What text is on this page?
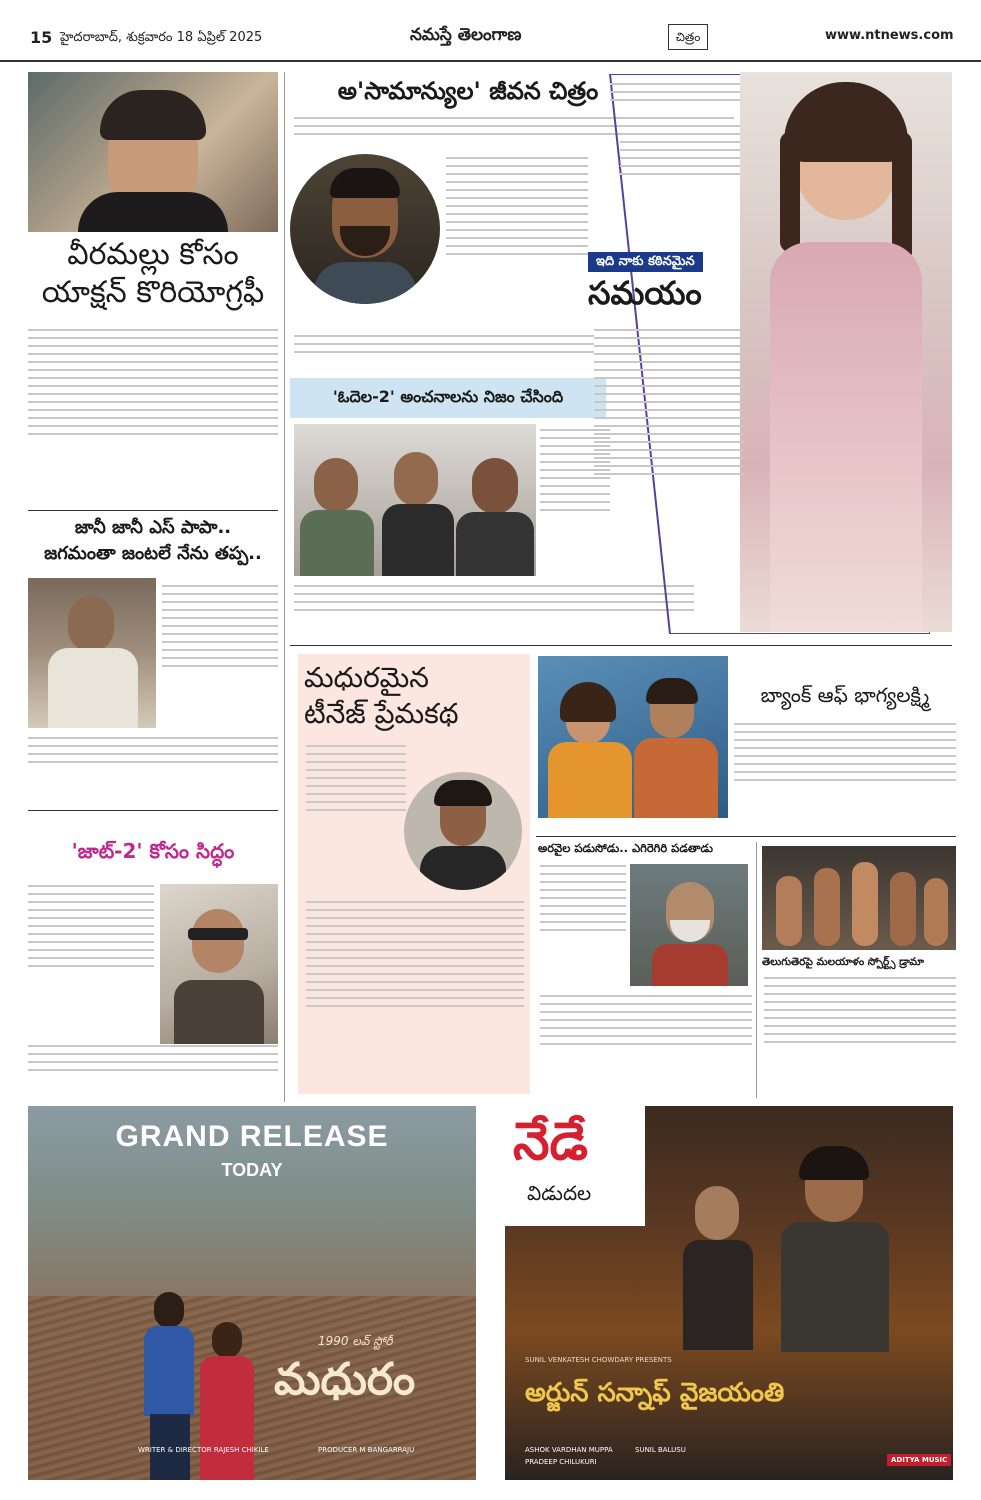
15 హైదరాబాద్, శుక్రవారం 18 ఏప్రిల్ 2025	నమస్తే తెలంగాణ	చిత్రం	www.ntnews.com
వీరమల్లు కోసం
యాక్షన్ కొరియోగ్రఫీ
జానీ జానీ ఎస్ పాపా..
జగమంతా జంటలే నేను తప్ప..
'జాట్-2' కోసం సిద్ధం
అ'సామాన్యుల' జీవన చిత్రం
'ఓదెల-2' అంచనాలను నిజం చేసింది
ఇది నాకు కఠినమైన
సమయం
మధురమైన
టీనేజ్ ప్రేమకథ
బ్యాంక్ ఆఫ్ భాగ్యలక్ష్మి
అరవైల పడుసోడు.. ఎగిరెగిరి పడతాడు
తెలుగుతెరపై మలయాళం స్పోర్ట్స్ డ్రామా
GRAND RELEASE
TODAY
1990 లవ్ స్టోరీ
మధురం
WRITER & DIRECTOR RAJESH CHIKILE	PRODUCER M BANGARRAJU
నేడే
విడుదల
SUNIL VENKATESH CHOWDARY PRESENTS
అర్జున్ సన్నాఫ్ వైజయంతి
ASHOK VARDHAN MUPPA	SUNIL BALUSU
PRADEEP CHILUKURI	ADITYA MUSIC
